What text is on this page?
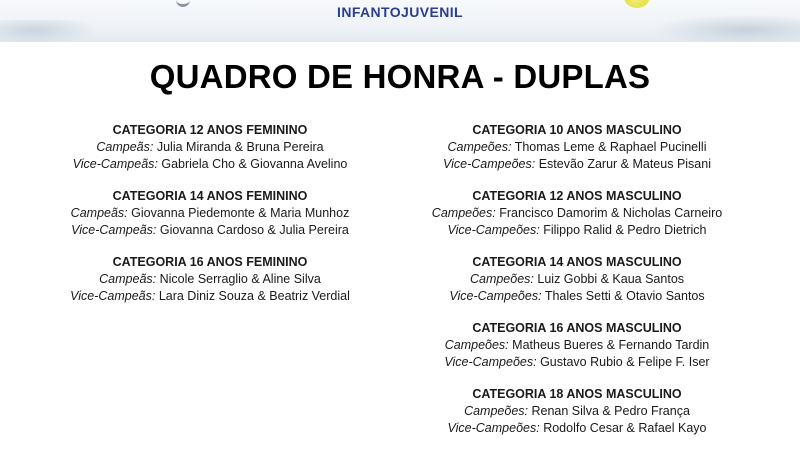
INFANTOJUVENIL
QUADRO DE HONRA - DUPLAS
CATEGORIA 12 ANOS FEMININO
Campeãs: Julia Miranda & Bruna Pereira
Vice-Campeãs: Gabriela Cho & Giovanna Avelino
CATEGORIA 14 ANOS FEMININO
Campeãs: Giovanna Piedemonte & Maria Munhoz
Vice-Campeãs: Giovanna Cardoso & Julia Pereira
CATEGORIA 16 ANOS FEMININO
Campeãs: Nicole Serraglio & Aline Silva
Vice-Campeãs: Lara Diniz Souza & Beatriz Verdial
CATEGORIA 10 ANOS MASCULINO
Campeões: Thomas Leme & Raphael Pucinelli
Vice-Campeões: Estevão Zarur & Mateus Pisani
CATEGORIA 12 ANOS MASCULINO
Campeões: Francisco Damorim & Nicholas Carneiro
Vice-Campeões: Filippo Ralid & Pedro Dietrich
CATEGORIA 14 ANOS MASCULINO
Campeões: Luiz Gobbi & Kaua Santos
Vice-Campeões: Thales Setti & Otavio Santos
CATEGORIA 16 ANOS MASCULINO
Campeões: Matheus Bueres & Fernando Tardin
Vice-Campeões: Gustavo Rubio & Felipe F. Iser
CATEGORIA 18 ANOS MASCULINO
Campeões: Renan Silva & Pedro França
Vice-Campeões: Rodolfo Cesar & Rafael Kayo
